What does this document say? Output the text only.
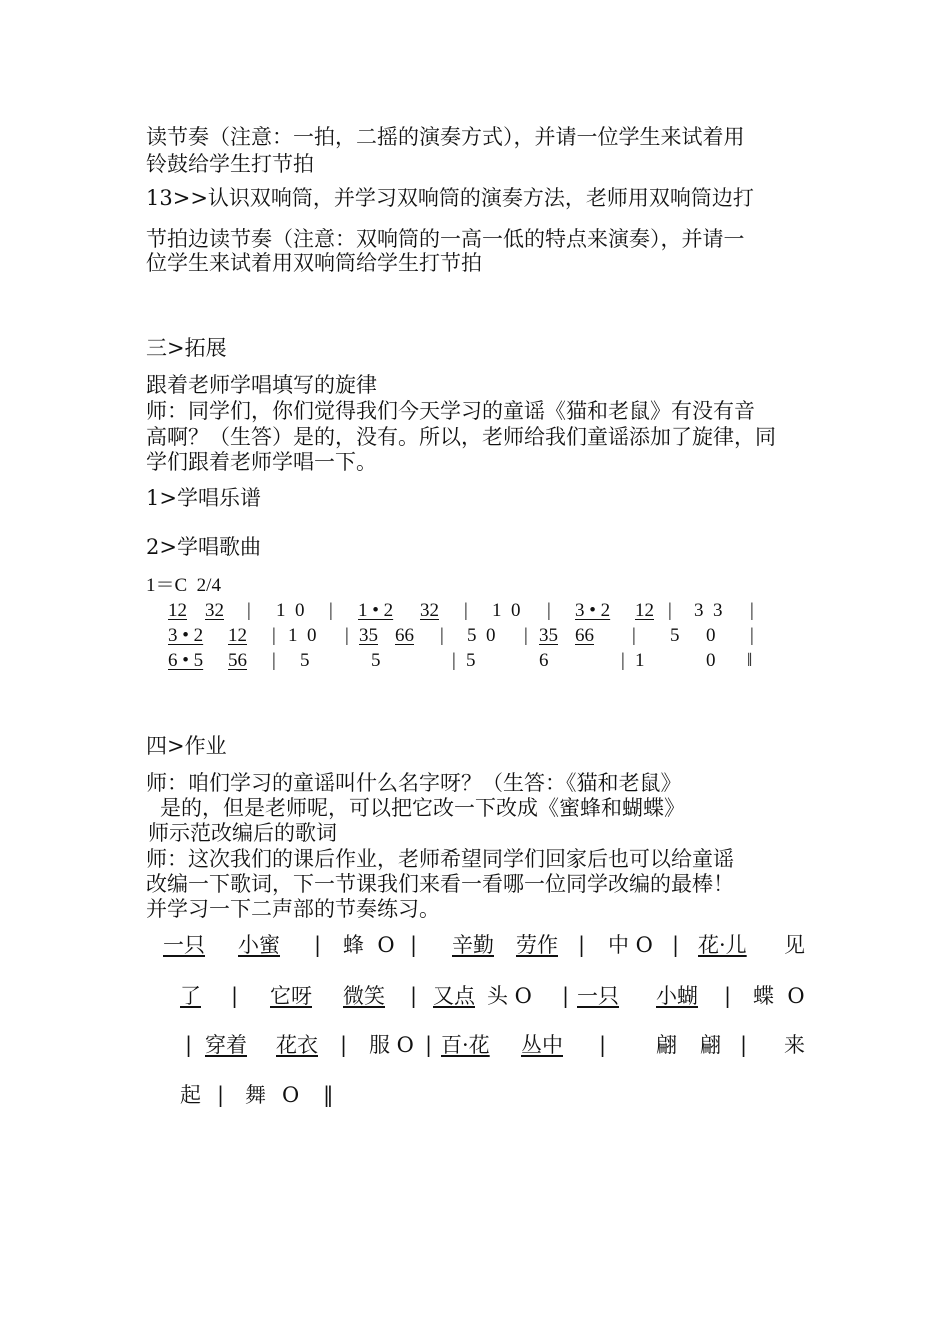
读节奏（注意：一拍，二摇的演奏方式），并请一位学生来试着用
铃鼓给学生打节拍
13>>认识双响筒，并学习双响筒的演奏方法，老师用双响筒边打
节拍边读节奏（注意：双响筒的一高一低的特点来演奏），并请一
位学生来试着用双响筒给学生打节拍
三>拓展
跟着老师学唱填写的旋律
师：同学们，你们觉得我们今天学习的童谣《猫和老鼠》有没有音
高啊？（生答）是的，没有。所以，老师给我们童谣添加了旋律，同
学们跟着老师学唱一下。
1>学唱乐谱
2>学唱歌曲
1＝C  2/4
12 32 | 1  0 | 1 • 2 32 | 1  0 | 3 • 2 12 | 3  3 |
3 • 2 12 | 1  0 | 35 66 | 5  0 | 35 66 | 5 0 |
6 • 5 56 | 5	5	| 5	6	| 1	0 ‖
四>作业
师：咱们学习的童谣叫什么名字呀？（生答：《猫和老鼠》
是的，但是老师呢，可以把它改一下改成《蜜蜂和蝴蝶》
师示范改编后的歌词
师：这次我们的课后作业，老师希望同学们回家后也可以给童谣
改编一下歌词，下一节课我们来看一看哪一位同学改编的最棒！
并学习一下二声部的节奏练习。
一只 小蜜 | 蜂  O | 辛勤 劳作 | 中 O | 花·儿 见
了 | 它呀 微笑 | 又点 头 O | 一只 小蝴 | 蝶  O
| 穿着 花衣 | 服 O | 百·花 丛中 | 翩 翩 | 来
起 | 舞 O ‖
